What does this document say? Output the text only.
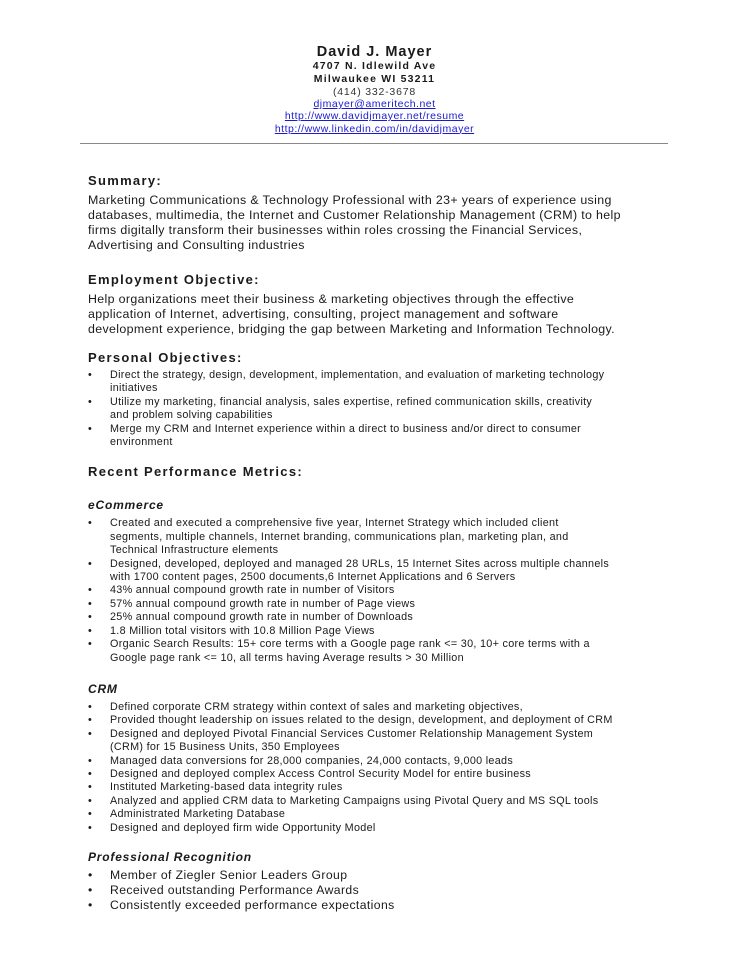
David J. Mayer
4707 N. Idlewild Ave
Milwaukee WI 53211
(414) 332-3678
djmayer@ameritech.net
http://www.davidjmayer.net/resume
http://www.linkedin.com/in/davidjmayer
Summary:
Marketing Communications & Technology Professional with 23+ years of experience using
databases, multimedia, the Internet and Customer Relationship Management (CRM) to help
firms digitally transform their businesses within roles crossing the Financial Services,
Advertising and Consulting industries
Employment Objective:
Help organizations meet their business & marketing objectives through the effective
application of Internet, advertising, consulting, project management and software
development experience, bridging the gap between Marketing and Information Technology.
Personal Objectives:
• Direct the strategy, design, development, implementation, and evaluation of marketing technology
initiatives
• Utilize my marketing, financial analysis, sales expertise, refined communication skills, creativity
and problem solving capabilities
• Merge my CRM and Internet experience within a direct to business and/or direct to consumer
environment
Recent Performance Metrics:
eCommerce
• Created and executed a comprehensive five year, Internet Strategy which included client
segments, multiple channels, Internet branding, communications plan, marketing plan, and
Technical Infrastructure elements
• Designed, developed, deployed and managed 28 URLs, 15 Internet Sites across multiple channels
with 1700 content pages, 2500 documents,6 Internet Applications and 6 Servers
• 43% annual compound growth rate in number of Visitors
• 57% annual compound growth rate in number of Page views
• 25% annual compound growth rate in number of Downloads
• 1.8 Million total visitors with 10.8 Million Page Views
• Organic Search Results: 15+ core terms with a Google page rank <= 30, 10+ core terms with a
Google page rank <= 10, all terms having Average results > 30 Million
CRM
• Defined corporate CRM strategy within context of sales and marketing objectives,
• Provided thought leadership on issues related to the design, development, and deployment of CRM
• Designed and deployed Pivotal Financial Services Customer Relationship Management System
(CRM) for 15 Business Units, 350 Employees
• Managed data conversions for 28,000 companies, 24,000 contacts, 9,000 leads
• Designed and deployed complex Access Control Security Model for entire business
• Instituted Marketing-based data integrity rules
• Analyzed and applied CRM data to Marketing Campaigns using Pivotal Query and MS SQL tools
• Administrated Marketing Database
• Designed and deployed firm wide Opportunity Model
Professional Recognition
• Member of Ziegler Senior Leaders Group
• Received outstanding Performance Awards
• Consistently exceeded performance expectations
